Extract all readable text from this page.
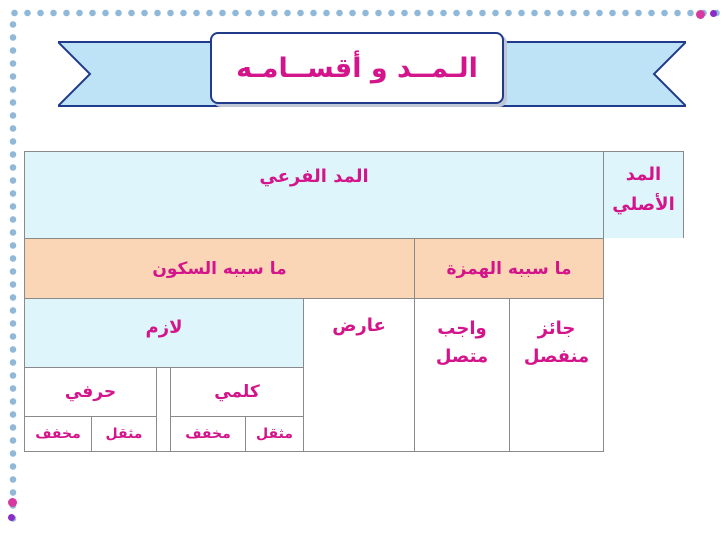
الـمــد و أقســامـه
المد الأصلي
المد الفرعي
ما سببه الهمزة
ما سببه السكون
جائز منفصل
واجب متصل
عارض
لازم
كلمي
حرفي
مثقل
مخفف
مثقل
مخفف
